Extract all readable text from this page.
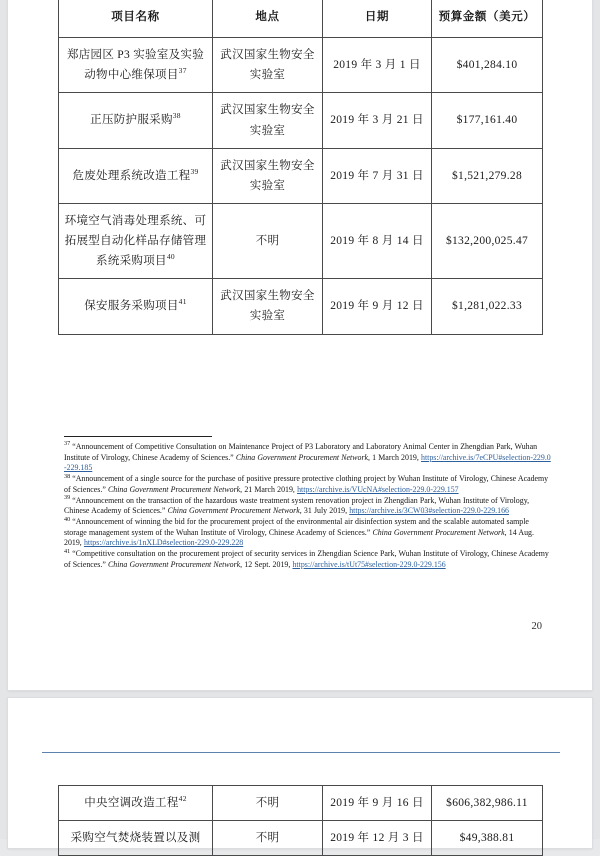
项目名称	地点	日期	预算金额（美元）
郑店园区 P3 实验室及实验动物中心维保项目$^{37}$	武汉国家生物安全实验室	2019 年 3 月 1 日	$401,284.10
正压防护服采购$^{38}$	武汉国家生物安全实验室	2019 年 3 月 21 日	$177,161.40
危废处理系统改造工程$^{39}$	武汉国家生物安全实验室	2019 年 7 月 31 日	$1,521,279.28
环境空气消毒处理系统、可拓展型自动化样品存储管理系统采购项目$^{40}$	不明	2019 年 8 月 14 日	$132,200,025.47
保安服务采购项目$^{41}$	武汉国家生物安全实验室	2019 年 9 月 12 日	$1,281,022.33

$^{37}$ “Announcement of Competitive Consultation on Maintenance Project of P3 Laboratory and Laboratory Animal Center in Zhengdian Park, Wuhan Institute of Virology, Chinese Academy of Sciences.” China Government Procurement Network, 1 March 2019, https://archive.is/7eCPU#selection-229.0-229.185

$^{38}$ “Announcement of a single source for the purchase of positive pressure protective clothing project by Wuhan Institute of Virology, Chinese Academy of Sciences.” China Government Procurement Network, 21 March 2019, https://archive.is/VUcNA#selection-229.0-229.157

$^{39}$ “Announcement on the transaction of the hazardous waste treatment system renovation project in Zhengdian Park, Wuhan Institute of Virology, Chinese Academy of Sciences.” China Government Procurement Network, 31 July 2019, https://archive.is/3CW03#selection-229.0-229.166

$^{40}$ “Announcement of winning the bid for the procurement project of the environmental air disinfection system and the scalable automated sample storage management system of the Wuhan Institute of Virology, Chinese Academy of Sciences.” China Government Procurement Network, 14 Aug. 2019, https://archive.is/1nXLD#selection-229.0-229.228

$^{41}$ “Competitive consultation on the procurement project of security services in Zhengdian Science Park, Wuhan Institute of Virology, Chinese Academy of Sciences.” China Government Procurement Network, 12 Sept. 2019, https://archive.is/tUt75#selection-229.0-229.156

20
中央空调改造工程$^{42}$	不明	2019 年 9 月 16 日	$606,382,986.11
采购空气焚烧装置以及测	不明	2019 年 12 月 3 日	$49,388.81
